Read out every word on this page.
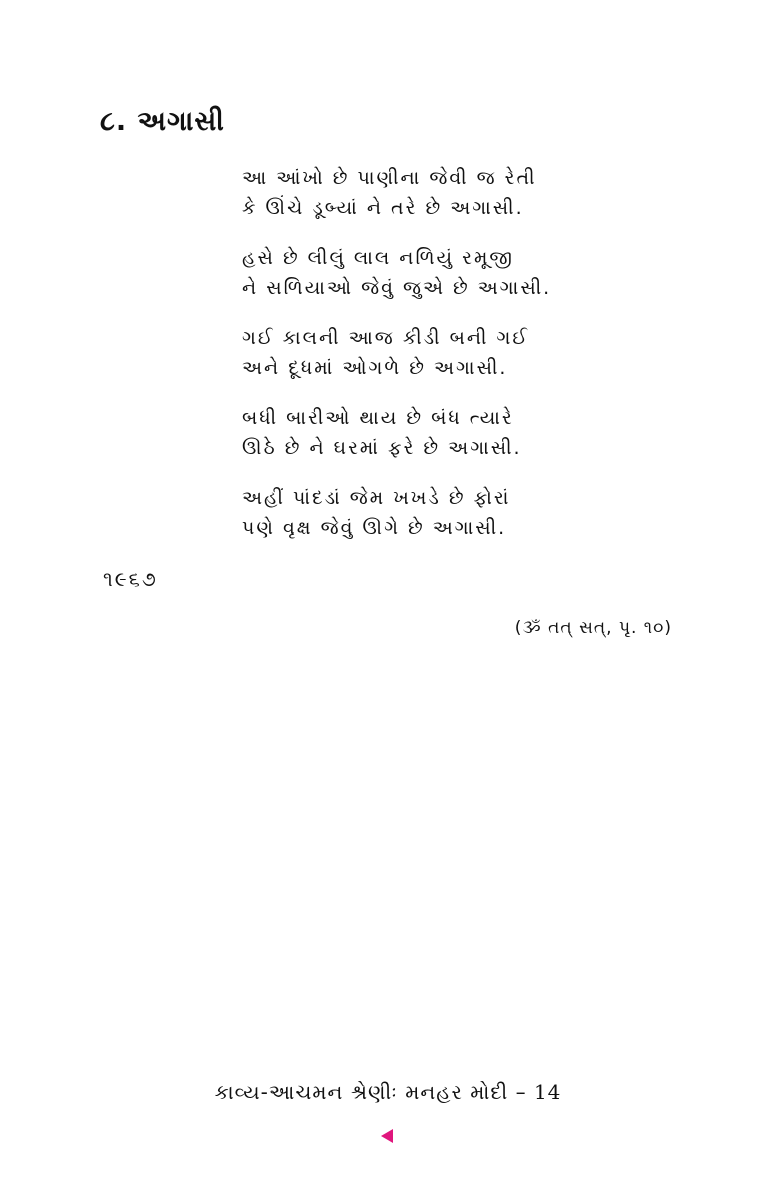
૮. અગાસી
આ આંખો છે પાણીના જેવી જ રેતી
કે ઊંચે ડૂબ્યાં ને તરે છે અગાસી.
હસે છે લીલું લાલ નળિયું રમૂજી
ને સળિયાઓ જેવું જુએ છે અગાસી.
ગઈ કાલની આજ કીડી બની ગઈ
અને દૂધમાં ઓગળે છે અગાસી.
બધી બારીઓ થાય છે બંધ ત્યારે
ઊઠે છે ને ઘરમાં ફરે છે અગાસી.
અહીં પાંદડાં જેમ ખખડે છે ફોરાં
પણે વૃક્ષ જેવું ઊગે છે અગાસી.
૧૯૬૭
(ૐ તત્ સત્, પૃ. ૧૦)
કાવ્ય-આચમન શ્રેણીઃ મનહર મોદી – 14
